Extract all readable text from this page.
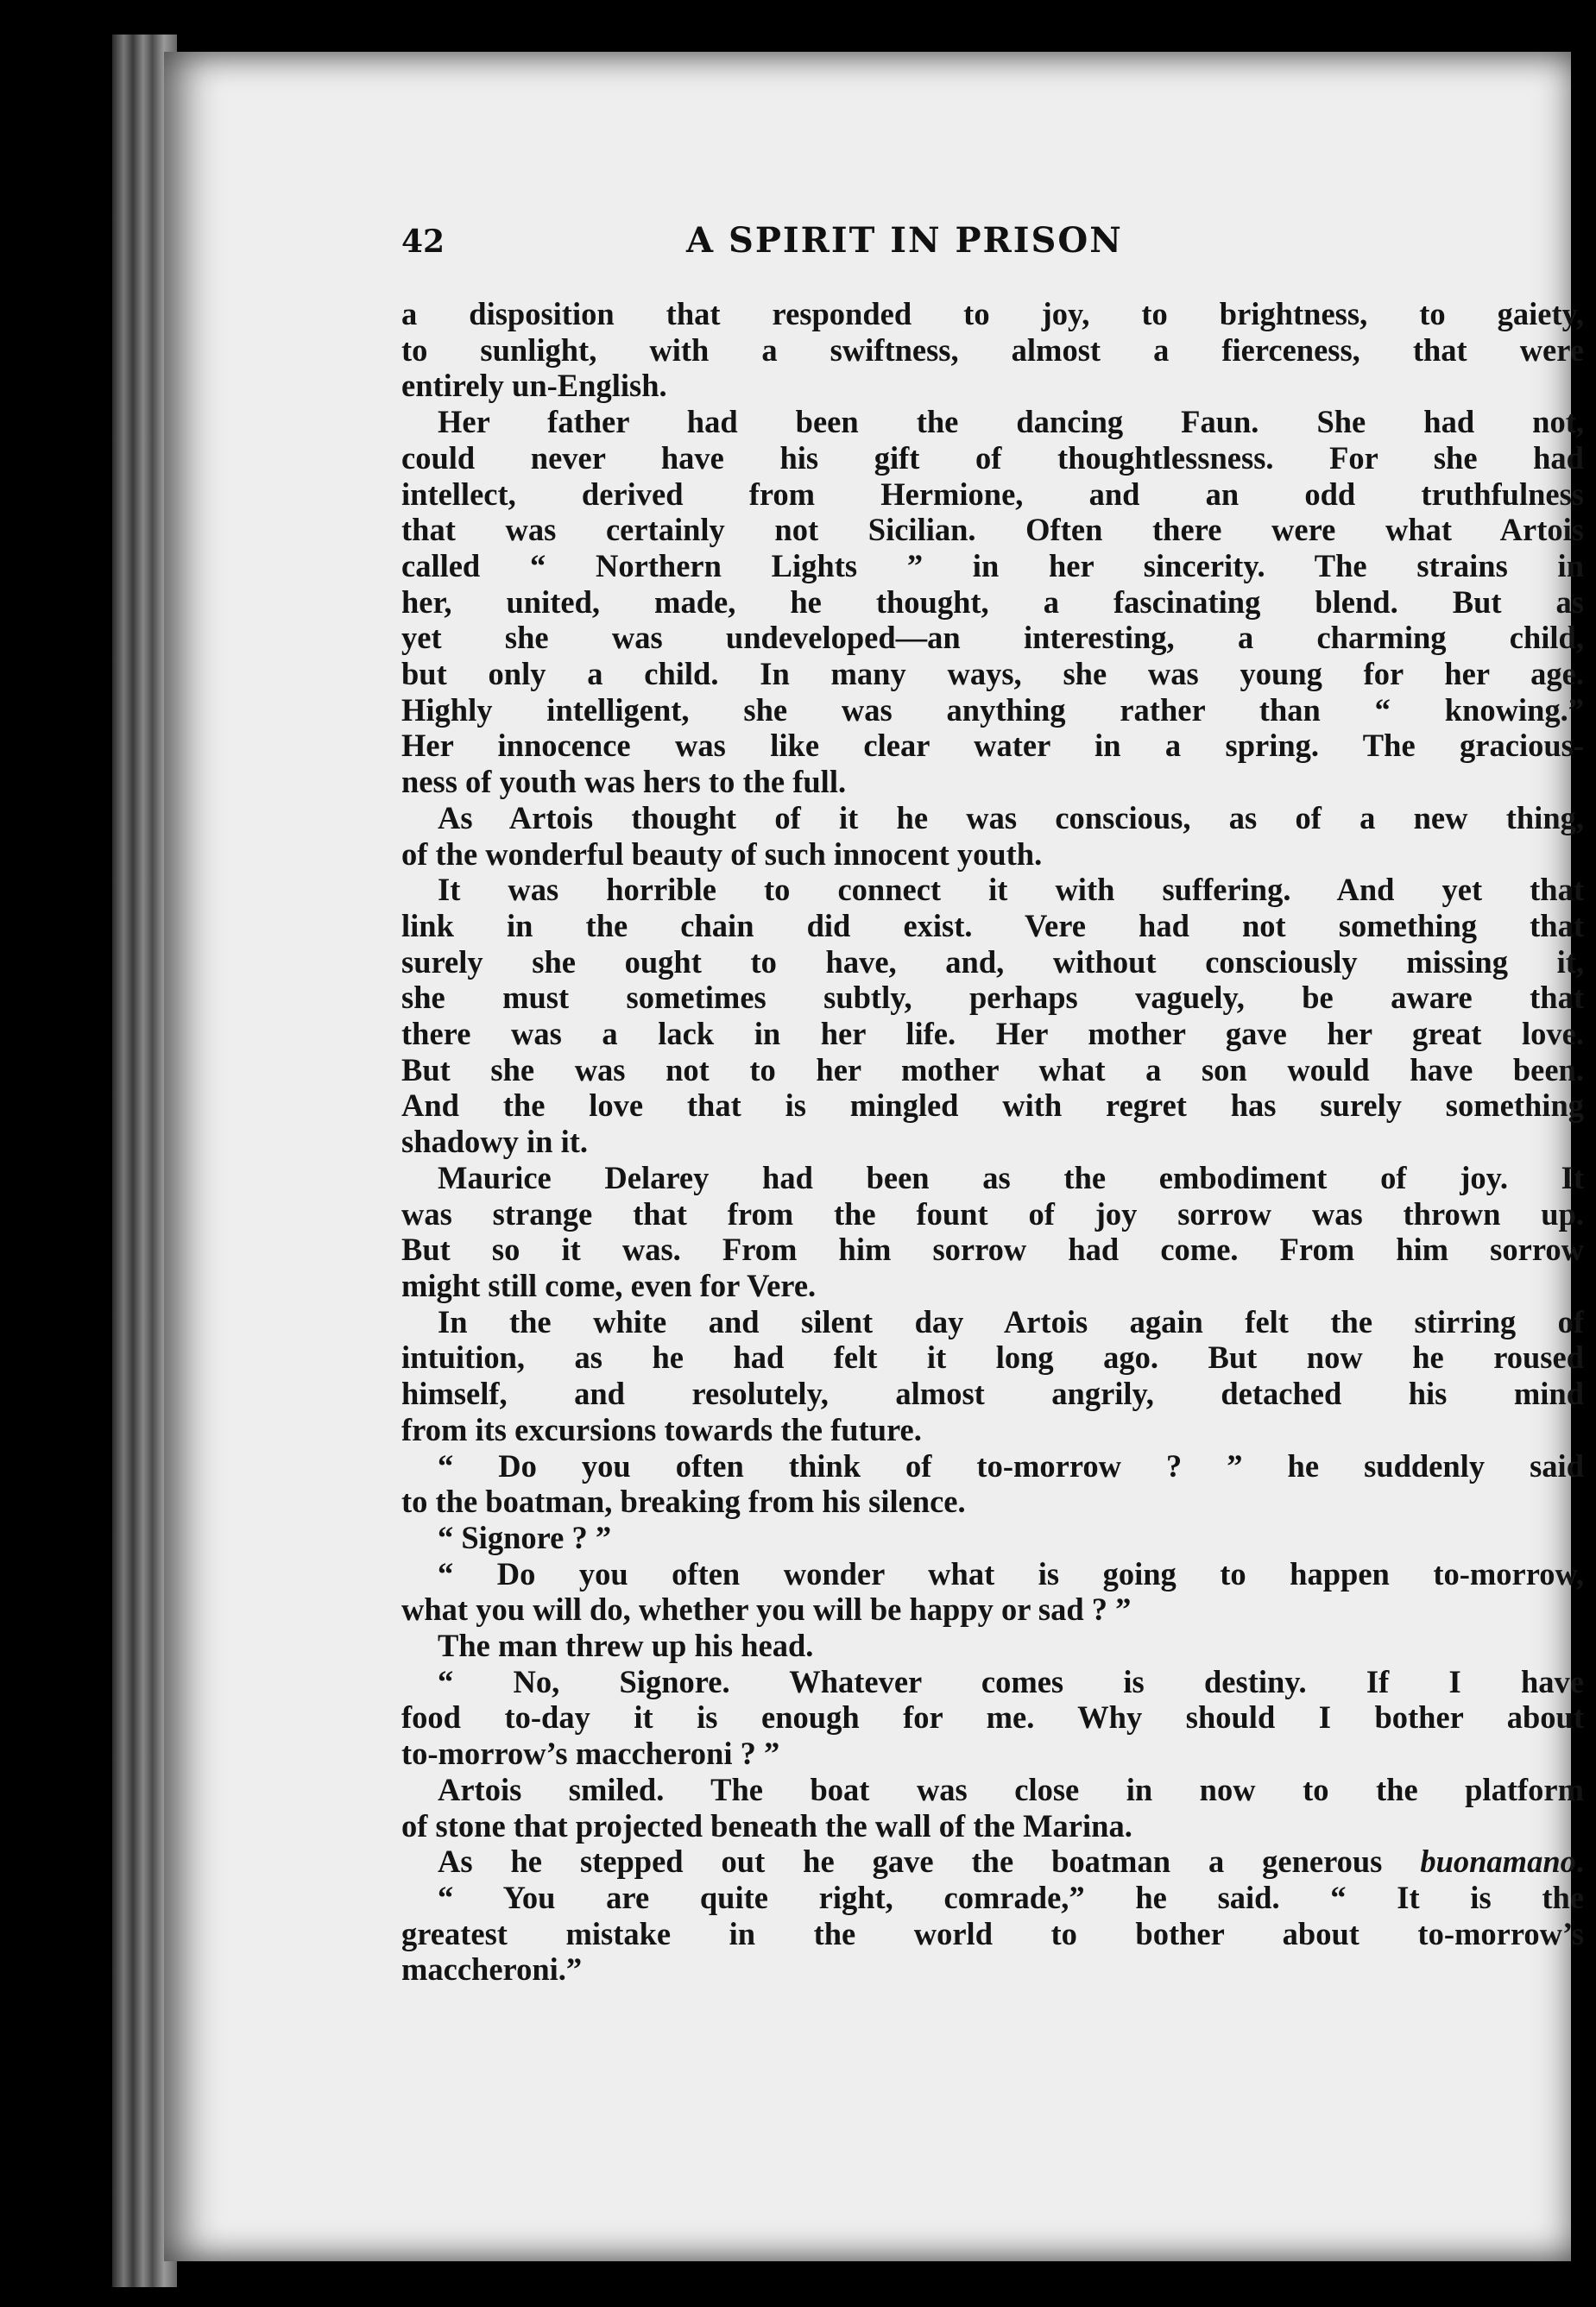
42	A SPIRIT IN PRISON
a disposition that responded to joy, to brightness, to gaiety,
to sunlight, with a swiftness, almost a fierceness, that were
entirely un-English.
Her father had been the dancing Faun. She had not,
could never have his gift of thoughtlessness. For she had
intellect, derived from Hermione, and an odd truthfulness
that was certainly not Sicilian. Often there were what Artois
called “ Northern Lights ” in her sincerity. The strains in
her, united, made, he thought, a fascinating blend. But as
yet she was undeveloped—an interesting, a charming child,
but only a child. In many ways, she was young for her age.
Highly intelligent, she was anything rather than “ knowing.”
Her innocence was like clear water in a spring. The gracious-
ness of youth was hers to the full.
As Artois thought of it he was conscious, as of a new thing,
of the wonderful beauty of such innocent youth.
It was horrible to connect it with suffering. And yet that
link in the chain did exist. Vere had not something that
surely she ought to have, and, without consciously missing it,
she must sometimes subtly, perhaps vaguely, be aware that
there was a lack in her life. Her mother gave her great love.
But she was not to her mother what a son would have been.
And the love that is mingled with regret has surely something
shadowy in it.
Maurice Delarey had been as the embodiment of joy. It
was strange that from the fount of joy sorrow was thrown up.
But so it was. From him sorrow had come. From him sorrow
might still come, even for Vere.
In the white and silent day Artois again felt the stirring of
intuition, as he had felt it long ago. But now he roused
himself, and resolutely, almost angrily, detached his mind
from its excursions towards the future.
“ Do you often think of to-morrow ? ” he suddenly said
to the boatman, breaking from his silence.
“ Signore ? ”
“ Do you often wonder what is going to happen to-morrow,
what you will do, whether you will be happy or sad ? ”
The man threw up his head.
“ No, Signore. Whatever comes is destiny. If I have
food to-day it is enough for me. Why should I bother about
to-morrow’s maccheroni ? ”
Artois smiled. The boat was close in now to the platform
of stone that projected beneath the wall of the Marina.
As he stepped out he gave the boatman a generous buonamano.
“ You are quite right, comrade,” he said. “ It is the
greatest mistake in the world to bother about to-morrow’s
maccheroni.”
